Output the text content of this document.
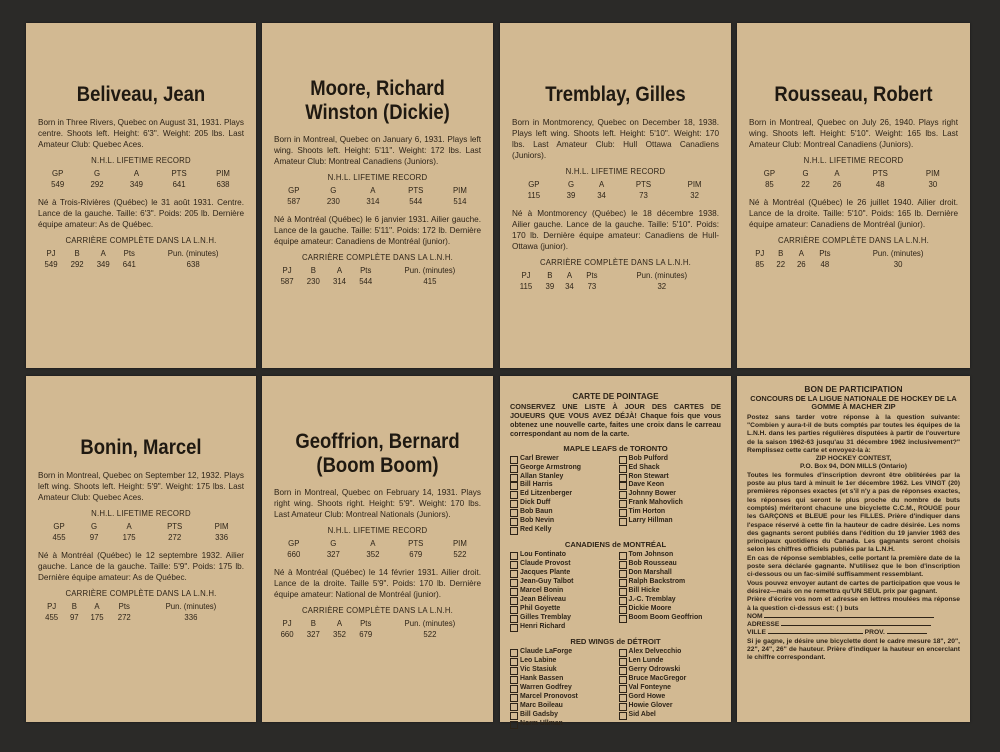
Beliveau, Jean
Born in Three Rivers, Quebec on August 31, 1931. Plays centre. Shoots left. Height: 6'3". Weight: 205 lbs. Last Amateur Club: Quebec Aces.
N.H.L. LIFETIME RECORD
GP	G	A	PTS	PIM
549	292	349	641	638
Né à Trois-Rivières (Québec) le 31 août 1931. Centre. Lance de la gauche. Taille: 6'3". Poids: 205 lb. Dernière équipe amateur: As de Québec.
CARRIÈRE COMPLÈTE DANS LA L.N.H.
PJ	B	A	Pts	Pun. (minutes)
549	292	349	641	638
Moore, Richard Winston (Dickie)
Born in Montreal, Quebec on January 6, 1931. Plays left wing. Shoots left. Height: 5'11". Weight: 172 lbs. Last Amateur Club: Montreal Canadiens (Juniors).
N.H.L. LIFETIME RECORD
GP	G	A	PTS	PIM
587	230	314	544	514
Né à Montréal (Québec) le 6 janvier 1931. Ailier gauche. Lance de la gauche. Taille: 5'11". Poids: 172 lb. Dernière équipe amateur: Canadiens de Montréal (junior).
CARRIÈRE COMPLÈTE DANS LA L.N.H.
PJ	B	A	Pts	Pun. (minutes)
587	230	314	544	415
Tremblay, Gilles
Born in Montmorency, Quebec on December 18, 1938. Plays left wing. Shoots left. Height: 5'10". Weight: 170 lbs. Last Amateur Club: Hull Ottawa Canadiens (Juniors).
N.H.L. LIFETIME RECORD
GP	G	A	PTS	PIM
115	39	34	73	32
Né à Montmorency (Québec) le 18 décembre 1938. Ailier gauche. Lance de la gauche. Taille: 5'10". Poids: 170 lb. Dernière équipe amateur: Canadiens de Hull-Ottawa (junior).
CARRIÈRE COMPLÈTE DANS LA L.N.H.
PJ	B	A	Pts	Pun. (minutes)
115	39	34	73	32
Rousseau, Robert
Born in Montreal, Quebec on July 26, 1940. Plays right wing. Shoots left. Height: 5'10". Weight: 165 lbs. Last Amateur Club: Montreal Canadiens (Juniors).
N.H.L. LIFETIME RECORD
GP	G	A	PTS	PIM
85	22	26	48	30
Né à Montréal (Québec) le 26 juillet 1940. Ailier droit. Lance de la droite. Taille: 5'10". Poids: 165 lb. Dernière équipe amateur: Canadiens de Montréal (junior).
CARRIÈRE COMPLÈTE DANS LA L.N.H.
PJ	B	A	Pts	Pun. (minutes)
85	22	26	48	30
Bonin, Marcel
Born in Montreal, Quebec on September 12, 1932. Plays left wing. Shoots left. Height: 5'9". Weight: 175 lbs. Last Amateur Club: Quebec Aces.
N.H.L. LIFETIME RECORD
GP	G	A	PTS	PIM
455	97	175	272	336
Né à Montréal (Québec) le 12 septembre 1932. Ailier gauche. Lance de la gauche. Taille: 5'9". Poids: 175 lb. Dernière équipe amateur: As de Québec.
CARRIÈRE COMPLÈTE DANS LA L.N.H.
PJ	B	A	Pts	Pun. (minutes)
455	97	175	272	336
Geoffrion, Bernard (Boom Boom)
Born in Montreal, Quebec on February 14, 1931. Plays right wing. Shoots right. Height: 5'9". Weight: 170 lbs. Last Amateur Club: Montreal Nationals (Juniors).
N.H.L. LIFETIME RECORD
GP	G	A	PTS	PIM
660	327	352	679	522
Né à Montréal (Québec) le 14 février 1931. Ailier droit. Lance de la droite. Taille 5'9". Poids: 170 lb. Dernière équipe amateur: National de Montréal (junior).
CARRIÈRE COMPLÈTE DANS LA L.N.H.
PJ	B	A	Pts	Pun. (minutes)
660	327	352	679	522
CARTE DE POINTAGE
CONSERVEZ UNE LISTE À JOUR DES CARTES DE JOUEURS QUE VOUS AVEZ DÉJÀ! Chaque fois que vous obtenez une nouvelle carte, faites une croix dans le carreau correspondant au nom de la carte.
MAPLE LEAFS de TORONTO
Carl Brewer	Bob Pulford
George Armstrong	Ed Shack
Allan Stanley	Ron Stewart
Bill Harris	Dave Keon
Ed Litzenberger	Johnny Bower
Dick Duff	Frank Mahovlich
Bob Baun	Tim Horton
Bob Nevin	Larry Hillman
Red Kelly
CANADIENS de MONTRÉAL
Lou Fontinato	Tom Johnson
Claude Provost	Bob Rousseau
Jacques Plante	Don Marshall
Jean-Guy Talbot	Ralph Backstrom
Marcel Bonin	Bill Hicke
Jean Béliveau	J.-C. Tremblay
Phil Goyette	Dickie Moore
Gilles Tremblay	Boom Boom Geoffrion
Henri Richard
RED WINGS de DÉTROIT
Claude LaForge	Alex Delvecchio
Leo Labine	Len Lunde
Vic Stasiuk	Gerry Odrowski
Hank Bassen	Bruce MacGregor
Warren Godfrey	Val Fonteyne
Marcel Pronovost	Gord Howe
Marc Boileau	Howie Glover
Bill Gadsby	Sid Abel
Norm Ullman
BON DE PARTICIPATION
CONCOURS DE LA LIGUE NATIONALE DE HOCKEY DE LA GOMME À MACHER ZIP
Postez sans tarder votre réponse à la question suivante: "Combien y aura-t-il de buts comptés par toutes les équipes de la L.N.H. dans les parties régulières disputées à partir de l'ouverture de la saison 1962-63 jusqu'au 31 décembre 1962 inclusivement?" Remplissez cette carte et envoyez-la à:
ZIP HOCKEY CONTEST,
P.O. Box 94, DON MILLS (Ontario)
Toutes les formules d'inscription devront être oblitérées par la poste au plus tard à minuit le 1er décembre 1962. Les VINGT (20) premières réponses exactes (et s'il n'y a pas de réponses exactes, les réponses qui seront le plus proche du nombre de buts comptés) mériteront chacune une bicyclette C.C.M., ROUGE pour les GARÇONS et BLEUE pour les FILLES. Prière d'indiquer dans l'espace réservé à cette fin la hauteur de cadre désirée. Les noms des gagnants seront publiés dans l'édition du 19 janvier 1963 des principaux quotidiens du Canada. Les gagnants seront choisis selon les chiffres officiels publiés par la L.N.H.
En cas de réponse semblables, celle portant la première date de la poste sera déclarée gagnante. N'utilisez que le bon d'inscription ci-dessous ou un fac-similé suffisamment ressemblant.
Vous pouvez envoyer autant de cartes de participation que vous le désirez—mais on ne remettra qu'UN SEUL prix par gagnant.
Prière d'écrire vos nom et adresse en lettres moulées ma réponse à la question ci-dessus est: ( ) buts
NOM
ADRESSE
VILLE	PROV.
Si je gagne, je désire une bicyclette dont le cadre mesure 18", 20", 22", 24", 26" de hauteur. Prière d'indiquer la hauteur en encerclant le chiffre correspondant.
